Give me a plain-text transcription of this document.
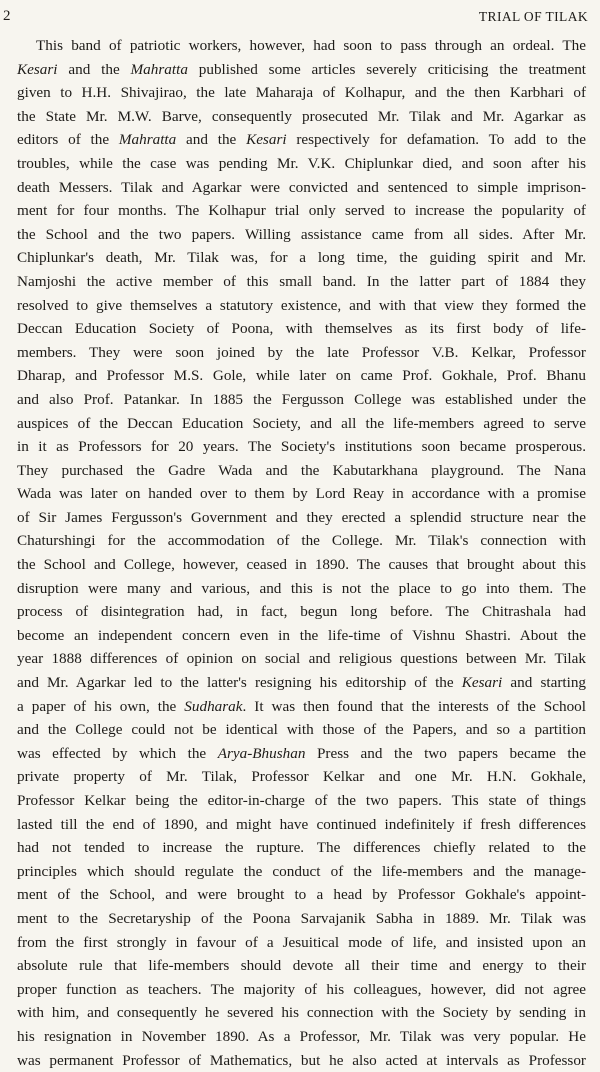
2	TRIAL OF TILAK
This band of patriotic workers, however, had soon to pass through an ordeal. The
Kesari and the Mahratta published some articles severely criticising the treatment
given to H.H. Shivajirao, the late Maharaja of Kolhapur, and the then Karbhari of
the State Mr. M.W. Barve, consequently prosecuted Mr. Tilak and Mr. Agarkar as
editors of the Mahratta and the Kesari respectively for defamation. To add to the
troubles, while the case was pending Mr. V.K. Chiplunkar died, and soon after his
death Messers. Tilak and Agarkar were convicted and sentenced to simple imprison-
ment for four months. The Kolhapur trial only served to increase the popularity of
the School and the two papers. Willing assistance came from all sides. After Mr.
Chiplunkar's death, Mr. Tilak was, for a long time, the guiding spirit and Mr.
Namjoshi the active member of this small band. In the latter part of 1884 they
resolved to give themselves a statutory existence, and with that view they formed the
Deccan Education Society of Poona, with themselves as its first body of life-
members. They were soon joined by the late Professor V.B. Kelkar, Professor
Dharap, and Professor M.S. Gole, while later on came Prof. Gokhale, Prof. Bhanu
and also Prof. Patankar. In 1885 the Fergusson College was established under the
auspices of the Deccan Education Society, and all the life-members agreed to serve
in it as Professors for 20 years. The Society's institutions soon became prosperous.
They purchased the Gadre Wada and the Kabutarkhana playground. The Nana
Wada was later on handed over to them by Lord Reay in accordance with a promise
of Sir James Fergusson's Government and they erected a splendid structure near the
Chaturshingi for the accommodation of the College. Mr. Tilak's connection with
the School and College, however, ceased in 1890. The causes that brought about this
disruption were many and various, and this is not the place to go into them. The
process of disintegration had, in fact, begun long before. The Chitrashala had
become an independent concern even in the life-time of Vishnu Shastri. About the
year 1888 differences of opinion on social and religious questions between Mr. Tilak
and Mr. Agarkar led to the latter's resigning his editorship of the Kesari and starting
a paper of his own, the Sudharak. It was then found that the interests of the School
and the College could not be identical with those of the Papers, and so a partition
was effected by which the Arya-Bhushan Press and the two papers became the
private property of Mr. Tilak, Professor Kelkar and one Mr. H.N. Gokhale,
Professor Kelkar being the editor-in-charge of the two papers. This state of things
lasted till the end of 1890, and might have continued indefinitely if fresh differences
had not tended to increase the rupture. The differences chiefly related to the
principles which should regulate the conduct of the life-members and the manage-
ment of the School, and were brought to a head by Professor Gokhale's appoint-
ment to the Secretaryship of the Poona Sarvajanik Sabha in 1889. Mr. Tilak was
from the first strongly in favour of a Jesuitical mode of life, and insisted upon an
absolute rule that life-members should devote all their time and energy to their
proper function as teachers. The majority of his colleagues, however, did not agree
with him, and consequently he severed his connection with the Society by sending in
his resignation in November 1890. As a Professor, Mr. Tilak was very popular. He
was permanent Professor of Mathematics, but he also acted at intervals as Professor
